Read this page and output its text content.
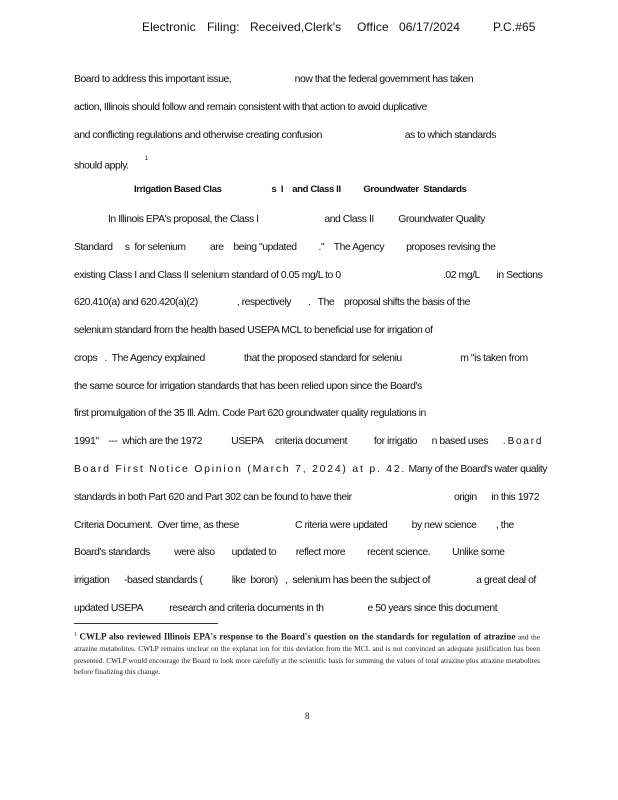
Electronic Filing: Received,Clerk's Office 06/17/2024	P.C.#65
Board to address this important issue,                          now that the federal government has taken
action, Illinois should follow and remain consistent with that action to avoid duplicative
and conflicting regulations and otherwise creating confusion                                  as to which standards
should apply.$^1$
Irrigation Based Clas                      s  I    and Class II          Groundwater  Standards
In Illinois EPA's proposal, the Class I                           and Class II          Groundwater Quality
Standard     s  for selenium          are    being "updated         ."    The Agency         proposes revising the
existing Class I and Class II selenium standard of 0.05 mg/L to 0                                          .02 mg/L       in Sections
620.410(a) and 620.420(a)(2)                , respectively       .   The    proposal shifts the basis of the
selenium standard from the health based USEPA MCL to beneficial use for irrigation of
crops   .  The Agency explained                that the proposed standard for seleniu                        m "is taken from
the same source for irrigation standards that has been relied upon since the Board's
first promulgation of the 35 Ill. Adm. Code Part 620 groundwater quality regulations in
1991"    ---  which are the 1972            USEPA     criteria document           for irrigatio      n based uses      . Board
Board First Notice Opinion (March 7, 2024) at p. 42. Many of the Board's water quality
standards in both Part 620 and Part 302 can be found to have their                                          origin      in this 1972
Criteria Document.  Over time, as these                       C riteria were updated          by new science        , the
Board's standards          were also       updated to        reflect more         recent science.         Unlike some
irrigation      -based standards (            like  boron)   ,  selenium has been the subject of                   a great deal of
updated USEPA           research and criteria documents in th                  e 50 years since this document
$^1$ CWLP also reviewed Illinois EPA's response to the Board's question on the standards for regulation of atrazine and the atrazine metabolites. CWLP remains unclear on the explanat ion for this deviation from the MCL and is not convinced an adequate justification has been presented. CWLP would encourage the Board to look more carefully at the scientific basis for summing the values of total atrazine plus atrazine metabolites before finalizing this change.
8
